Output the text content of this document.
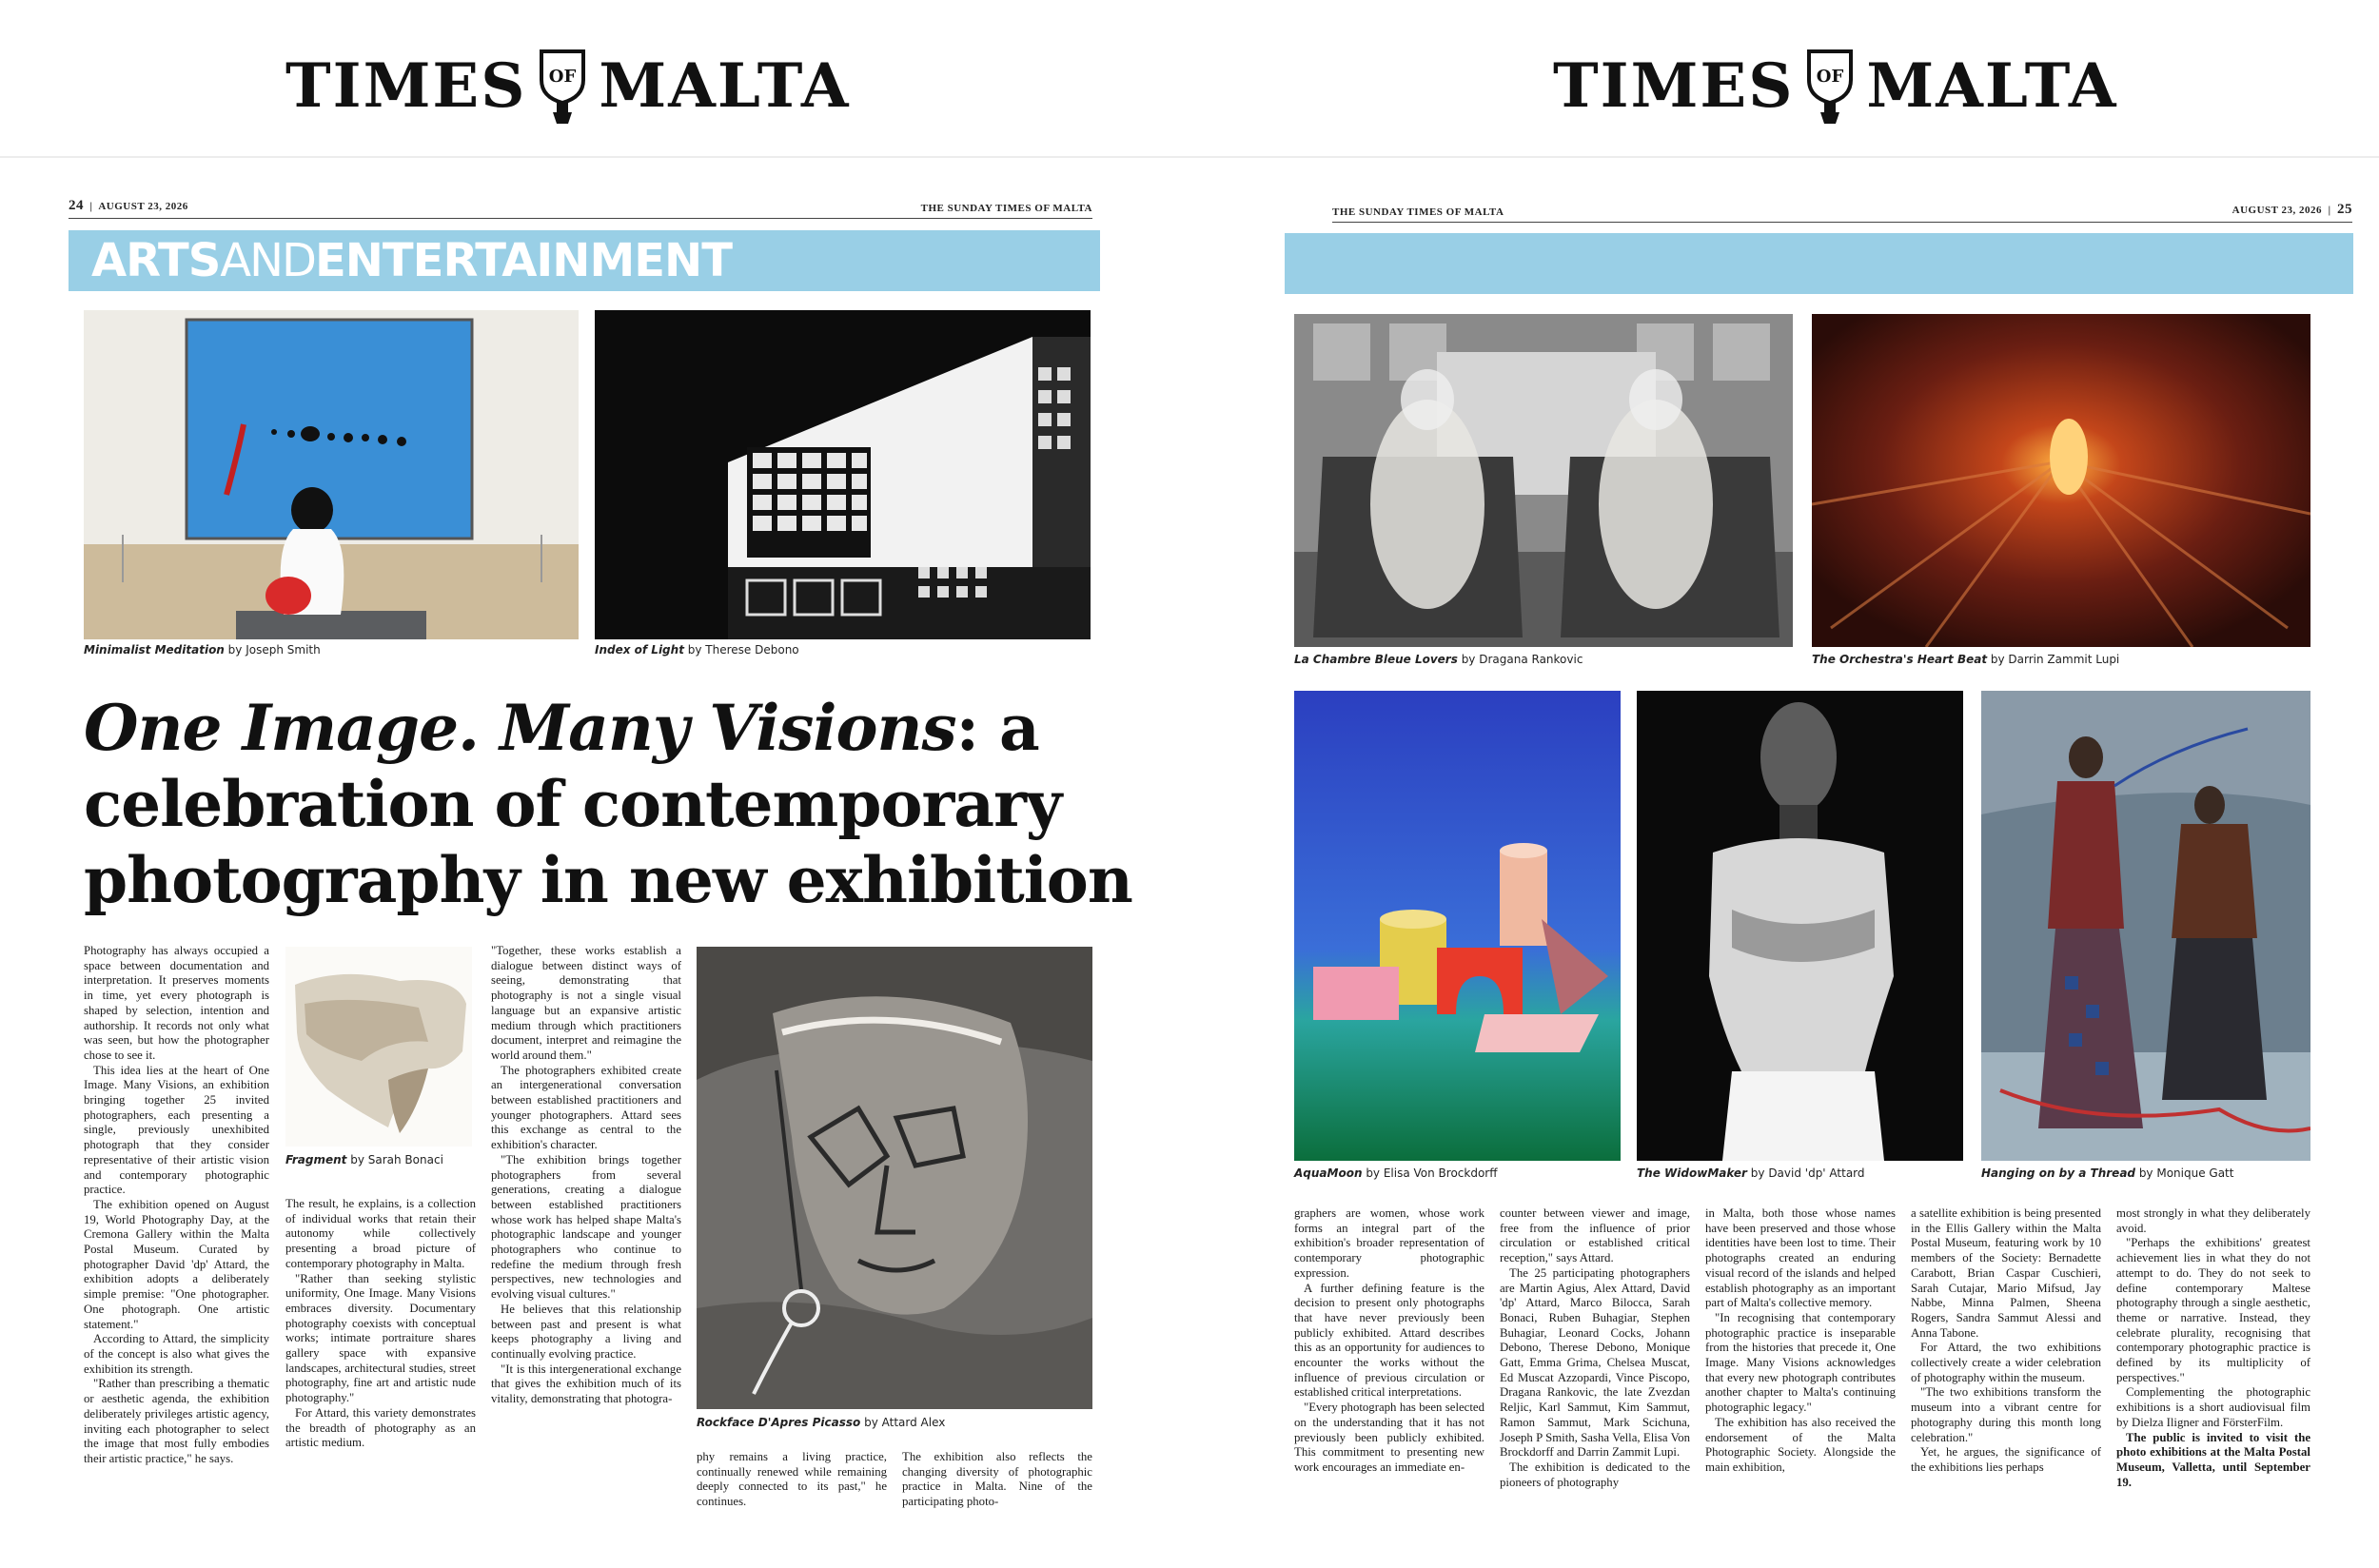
TIMES OF MALTA
24  |  AUGUST 23, 2026	THE SUNDAY TIMES OF MALTA
ARTSANDENTERTAINMENT
Minimalist Meditation by Joseph Smith	Index of Light by Therese Debono
One Image. Many Visions: a celebration of contemporary photography in new exhibition

Photography has always occupied a space between documentation and interpretation. It preserves moments in time, yet every photograph is shaped by selection, intention and authorship. It records not only what was seen, but how the photographer chose to see it.

This idea lies at the heart of One Image. Many Visions, an exhibition bringing together 25 invited photographers, each presenting a single, previously unexhibited photograph that they consider representative of their artistic vision and contemporary photographic practice.

The exhibition opened on August 19, World Photography Day, at the Cremona Gallery within the Malta Postal Museum. Curated by photographer David 'dp' Attard, the exhibition adopts a deliberately simple premise: "One photographer. One photograph. One artistic statement."

According to Attard, the simplicity of the concept is also what gives the exhibition its strength.

"Rather than prescribing a thematic or aesthetic agenda, the exhibition deliberately privileges artistic agency, inviting each photographer to select the image that most fully embodies their artistic practice," he says.

Fragment by Sarah Bonaci

The result, he explains, is a collection of individual works that retain their autonomy while collectively presenting a broad picture of contemporary photography in Malta.

"Rather than seeking stylistic uniformity, One Image. Many Visions embraces diversity. Documentary photography coexists with conceptual works; intimate portraiture shares gallery space with expansive landscapes, architectural studies, street photography, fine art and artistic nude photography."

For Attard, this variety demonstrates the breadth of photography as an artistic medium.

"Together, these works establish a dialogue between distinct ways of seeing, demonstrating that photography is not a single visual language but an expansive artistic medium through which practitioners document, interpret and reimagine the world around them."

The photographers exhibited create an intergenerational conversation between established practitioners and younger photographers. Attard sees this exchange as central to the exhibition's character.

"The exhibition brings together photographers from several generations, creating a dialogue between established practitioners whose work has helped shape Malta's photographic landscape and younger photographers who continue to redefine the medium through fresh perspectives, new technologies and evolving visual cultures."

He believes that this relationship between past and present is what keeps photography a living and continually evolving practice.

"It is this intergenerational exchange that gives the exhibition much of its vitality, demonstrating that photogra-

Rockface D'Apres Picasso by Attard Alex

phy remains a living practice, continually renewed while remaining deeply connected to its past," he continues.

The exhibition also reflects the changing diversity of photographic practice in Malta. Nine of the participating photo-

TIMES OF MALTA
THE SUNDAY TIMES OF MALTA	AUGUST 23, 2026  |  25
La Chambre Bleue Lovers by Dragana Rankovic	The Orchestra's Heart Beat by Darrin Zammit Lupi
AquaMoon by Elisa Von Brockdorff	The WidowMaker by David 'dp' Attard	Hanging on by a Thread by Monique Gatt

graphers are women, whose work forms an integral part of the exhibition's broader representation of contemporary photographic expression.

A further defining feature is the decision to present only photographs that have never previously been publicly exhibited. Attard describes this as an opportunity for audiences to encounter the works without the influence of previous circulation or established critical interpretations.

"Every photograph has been selected on the understanding that it has not previously been publicly exhibited. This commitment to presenting new work encourages an immediate en-

counter between viewer and image, free from the influence of prior circulation or established critical reception," says Attard.

The 25 participating photographers are Martin Agius, Alex Attard, David 'dp' Attard, Marco Bilocca, Sarah Bonaci, Ruben Buhagiar, Stephen Buhagiar, Leonard Cocks, Johann Debono, Therese Debono, Monique Gatt, Emma Grima, Chelsea Muscat, Ed Muscat Azzopardi, Vince Piscopo, Dragana Rankovic, the late Zvezdan Reljic, Karl Sammut, Kim Sammut, Ramon Sammut, Mark Scichuna, Joseph P Smith, Sasha Vella, Elisa Von Brockdorff and Darrin Zammit Lupi.

The exhibition is dedicated to the pioneers of photography

in Malta, both those whose names have been preserved and those whose identities have been lost to time. Their photographs created an enduring visual record of the islands and helped establish photography as an important part of Malta's collective memory.

"In recognising that contemporary photographic practice is inseparable from the histories that precede it, One Image. Many Visions acknowledges that every new photograph contributes another chapter to Malta's continuing photographic legacy."

The exhibition has also received the endorsement of the Malta Photographic Society. Alongside the main exhibition,

a satellite exhibition is being presented in the Ellis Gallery within the Malta Postal Museum, featuring work by 10 members of the Society: Bernadette Carabott, Brian Caspar Cuschieri, Sarah Cutajar, Mario Mifsud, Jay Nabbe, Minna Palmen, Sheena Rogers, Sandra Sammut Alessi and Anna Tabone.

For Attard, the two exhibitions collectively create a wider celebration of photography within the museum.

"The two exhibitions transform the museum into a vibrant centre for photography during this month long celebration."

Yet, he argues, the significance of the exhibitions lies perhaps

most strongly in what they deliberately avoid.

"Perhaps the exhibitions' greatest achievement lies in what they do not attempt to do. They do not seek to define contemporary Maltese photography through a single aesthetic, theme or narrative. Instead, they celebrate plurality, recognising that contemporary photographic practice is defined by its multiplicity of perspectives."

Complementing the photographic exhibitions is a short audiovisual film by Dielza Iligner and FörsterFilm.

The public is invited to visit the photo exhibitions at the Malta Postal Museum, Valletta, until September 19.
